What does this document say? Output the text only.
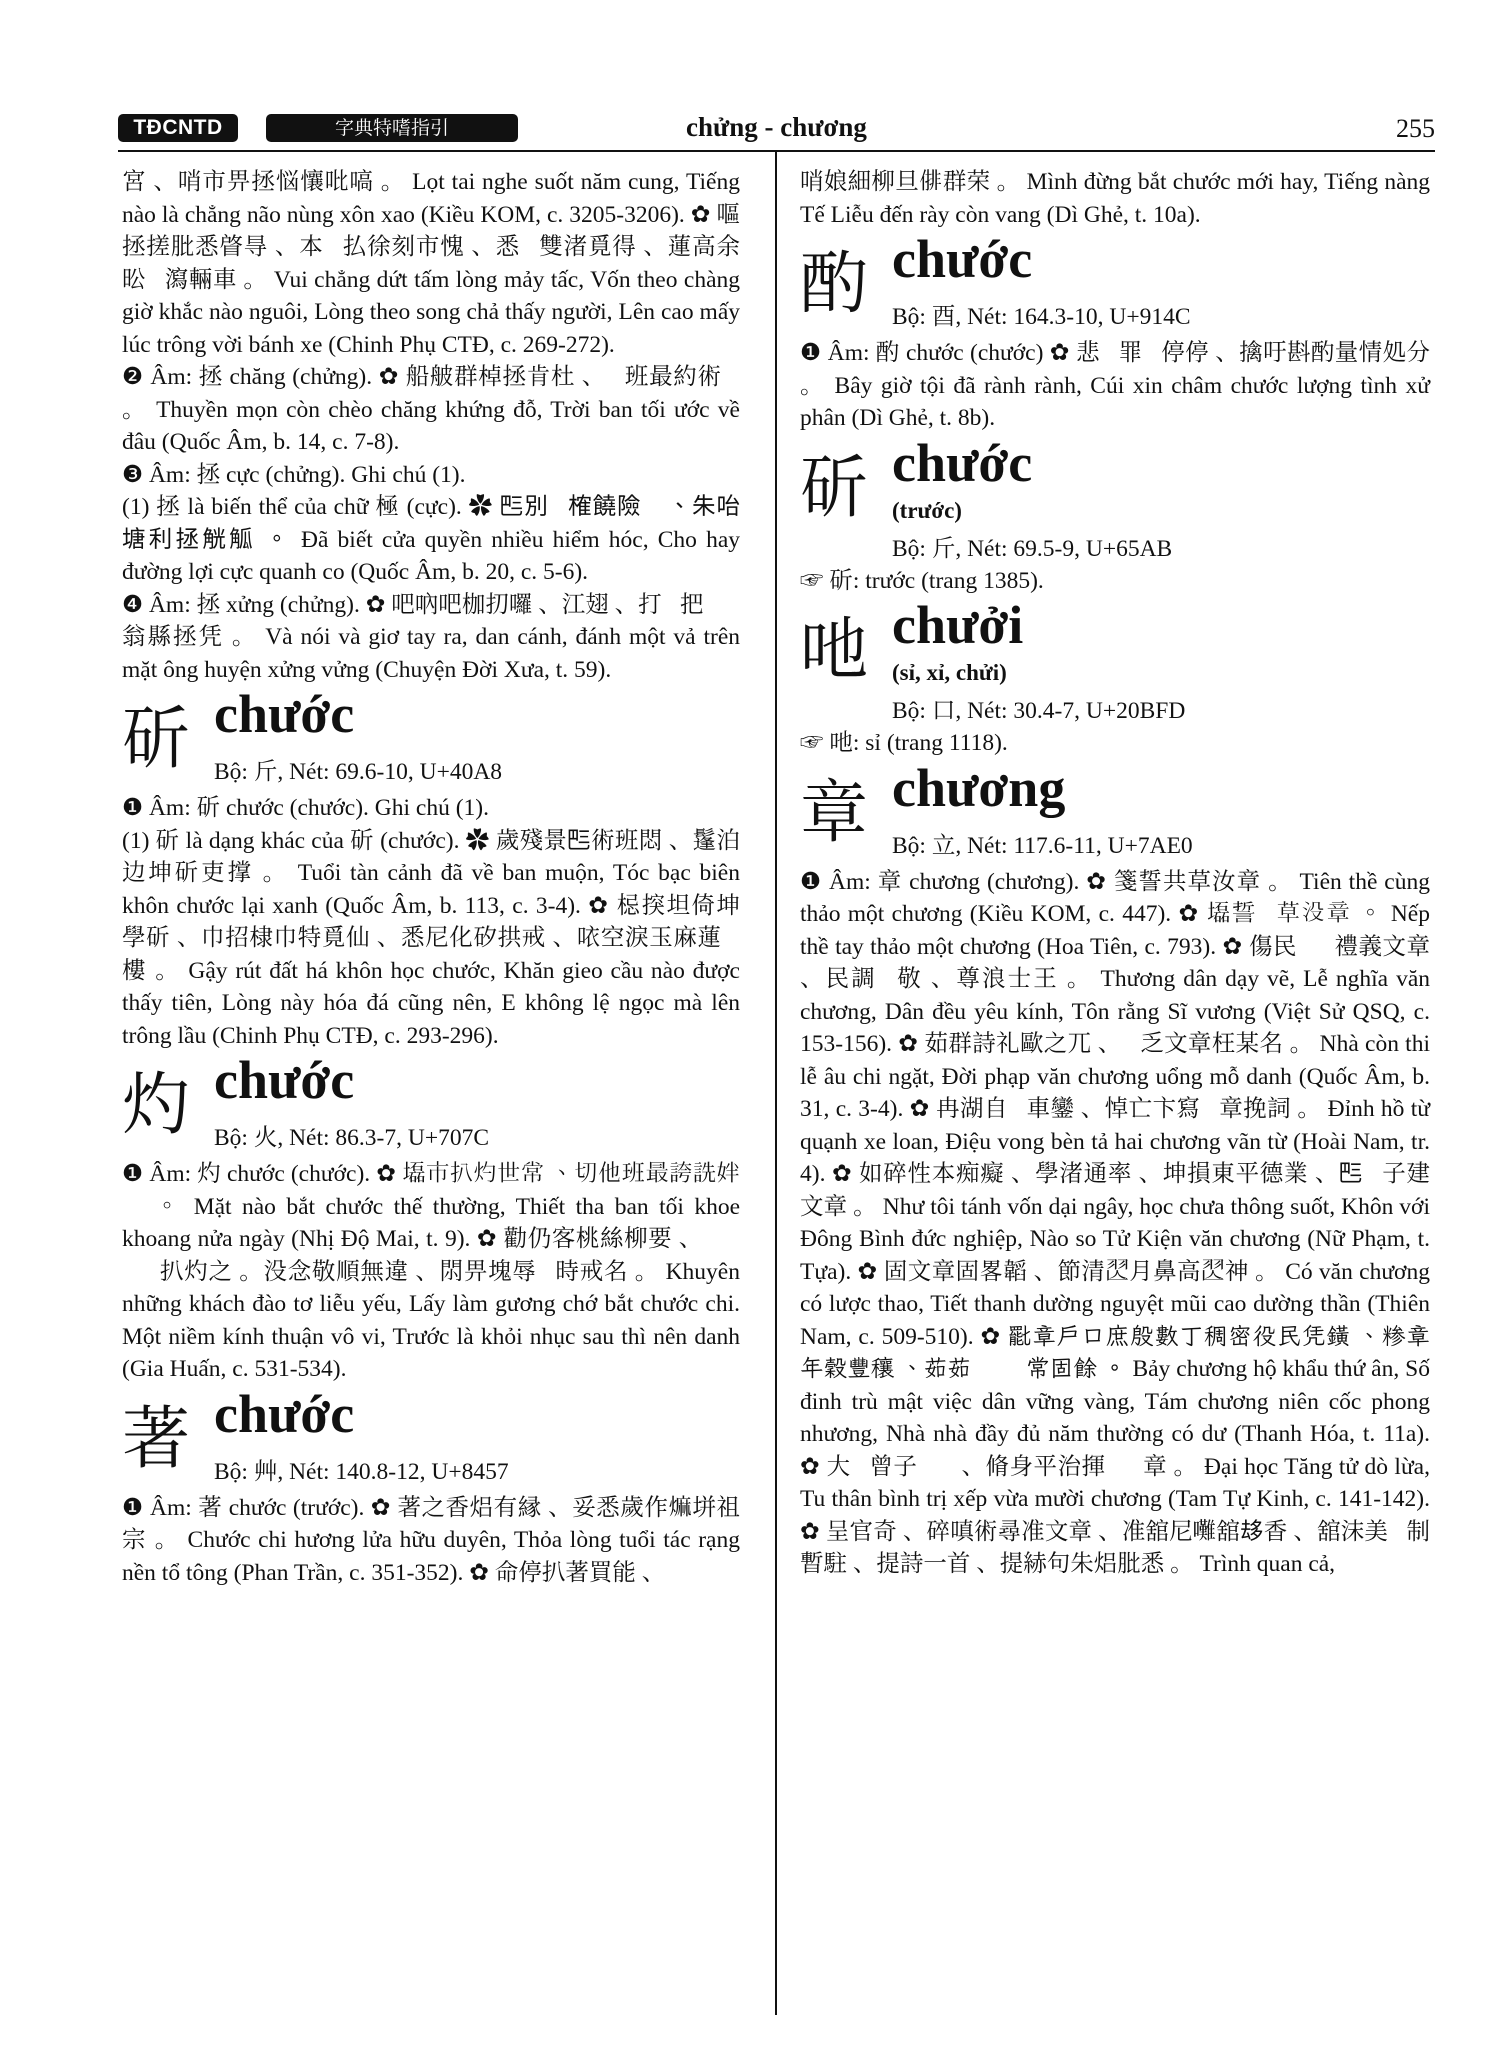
TĐCNTD	字典特嗜指引	chửng - chương	255

宮 、哨市畀拯悩懹吡嗃 。 Lọt tai nghe suốt năm cung, Tiếng nào là chẳng não nùng xôn xao (Kiều KOM, c. 3205-3206). ✿ 嘔拯搓肶悉䁈㝵 、本𧼌払徐刻市愧 、悉𧼌雙渚覓得 、蓮高余昖𨋣瀉輛車 。 Vui chẳng dứt tấm lòng mảy tấc, Vốn theo chàng giờ khắc nào nguôi, Lòng theo song chả thấy người, Lên cao mấy lúc trông vời bánh xe (Chinh Phụ CTĐ, c. 269-272).

❷ Âm: 拯 chăng (chửng). ✿ 船𦨭群棹拯肯杜 、𡗶班最約術𠁑 。 Thuyền mọn còn chèo chăng khứng đỗ, Trời ban tối ước về đâu (Quốc Âm, b. 14, c. 7-8).

❸ Âm: 拯 cực (chửng). Ghi chú (1).

(1) 拯 là biến thể của chữ 極 (cực). ✿ 𠀧別𡀳榷饒險𨁪 、朱咍塘利拯觥觚 。 Đã biết cửa quyền nhiều hiểm hóc, Cho hay đường lợi cực quanh co (Quốc Âm, b. 20, c. 5-6).

❹ Âm: 拯 xửng (chửng). ✿ 吧吶吧枷㧅囉 、江翅 、打𣳡把𨖲𨆢翁縣拯凭 。 Và nói và giơ tay ra, dan cánh, đánh một vả trên mặt ông huyện xửng vửng (Chuyện Đời Xưa, t. 59).

斫 chước
Bộ: 斤, Nét: 69.6-10, U+40A8

❶ Âm: 斫 chước (chước). Ghi chú (1).

(1) 斫 là dạng khác của 斫 (chước). ✿ 歲殘景𠀧術班悶 、鬔泊边坤斫吏撑 。 Tuổi tàn cảnh đã về ban muộn, Tóc bạc biên khôn chước lại xanh (Quốc Âm, b. 113, c. 3-4). ✿ 梞揬坦倚坤學斫 、巾招棣巾特覓仙 、悉尼化矽拱戒 、𠲖空淚玉麻蓮𨋣樓 。 Gậy rút đất há khôn học chước, Khăn gieo cầu nào được thấy tiên, Lòng này hóa đá cũng nên, E không lệ ngọc mà lên trông lầu (Chinh Phụ CTĐ, c. 293-296).

灼 chước
Bộ: 火, Nét: 86.3-7, U+707C

❶ Âm: 灼 chước (chước). ✿ 𡓃市扒灼世常 、切他班最誇詵姅𠠩 。 Mặt nào bắt chước thế thường, Thiết tha ban tối khoe khoang nửa ngày (Nhị Độ Mai, t. 9). ✿ 勸仍客桃絲柳要 、𢪀𡗉𦀚𦀊扒灼之 。没念敬順無違 、𨳒畀塊辱𧗱時戒名 。 Khuyên những khách đào tơ liễu yếu, Lấy làm gương chớ bắt chước chi. Một niềm kính thuận vô vi, Trước là khỏi nhục sau thì nên danh (Gia Huấn, c. 531-534).

著 chước
Bộ: 艸, Nét: 140.8-12, U+8457

❶ Âm: 著 chước (trước). ✿ 著之香焒有縁 、妥悉歲作𤎎垪祖宗 。 Chước chi hương lửa hữu duyên, Thỏa lòng tuổi tác rạng nền tổ tông (Phan Trần, c. 351-352). ✿ 命停扒著買能 、

哨娘細柳旦𠍣群荣 。 Mình đừng bắt chước mới hay, Tiếng nàng Tế Liễu đến rày còn vang (Dì Ghẻ, t. 10a).

酌 chước
Bộ: 酉, Nét: 164.3-10, U+914C

❶ Âm: 酌 chước (chước) ✿ 悲𣈙罪𠀧停停 、擒吁斟酌量情処分 。 Bây giờ tội đã rành rành, Cúi xin châm chước lượng tình xử phân (Dì Ghẻ, t. 8b).

斫 chước
(trước)
Bộ: 斤, Nét: 69.5-9, U+65AB

☞ 斫: trước (trang 1385).

吔 chưởi
(sỉ, xỉ, chửi)
Bộ: 口, Nét: 30.4-7, U+20BFD

☞ 吔: sỉ (trang 1118).

章 chương
Bộ: 立, Nét: 117.6-11, U+7AE0

❶ Âm: 章 chương (chương). ✿ 箋誓共草汝章 。 Tiên thề cùng thảo một chương (Kiều KOM, c. 447). ✿ 𡓃誓𢭮草没章 。 Nếp thề tay thảo một chương (Hoa Tiên, c. 793). ✿ 傷民𠯹𡁪禮義文章 、民調𢘾敬 、尊浪士王 。 Thương dân dạy vẽ, Lễ nghĩa văn chương, Dân đều yêu kính, Tôn rằng Sĩ vương (Việt Sử QSQ, c. 153-156). ✿ 茹群詩礼歐之兀 、𠖤乏文章枉某名 。 Nhà còn thi lễ âu chi ngặt, Đời phạp văn chương uổng mỗ danh (Quốc Âm, b. 31, c. 3-4). ✿ 冉湖自𡗉車鑾 、悼亡卞寫𠄩章挽詞 。 Đỉnh hồ từ quạnh xe loan, Điệu vong bèn tả hai chương vãn từ (Hoài Nam, tr. 4). ✿ 如碎性本痴癡 、學渚通率 、坤損東平德業 、𠀧𢵰子建文章 。 Như tôi tánh vốn dại ngây, học chưa thông suốt, Khôn với Đông Bình đức nghiệp, Nào so Tử Kiện văn chương (Nữ Phạm, t. Tựa). ✿ 固文章固畧韜 、節清𦏶月鼻高𦏶神 。 Có văn chương có lược thao, Tiết thanh dường nguyệt mũi cao dường thần (Thiên Nam, c. 509-510). ✿ 𠤩章户口庶殷數丁稠密役民凭鐄 、糁章年穀豐穰 、茹茹𦖑𥹰𥙩常固餘 。 Bảy chương hộ khẩu thứ ân, Số đinh trù mật việc dân vững vàng, Tám chương niên cốc phong nhương, Nhà nhà đầy đủ năm thường có dư (Thanh Hóa, t. 11a). ✿ 大𡛔曾子𨀈𧿆 、脩身平治揮𢬣𨔈章 。 Đại học Tăng tử dò lừa, Tu thân bình trị xếp vừa mười chương (Tam Tự Kinh, c. 141-142). ✿ 呈官奇 、碎嗔術尋准文章 、准舘尼𡅧舘𠫾香 、舘沫美𩛷制暫駐 、提詩一首 、提𦀗句朱焒肶悉 。 Trình quan cả,
